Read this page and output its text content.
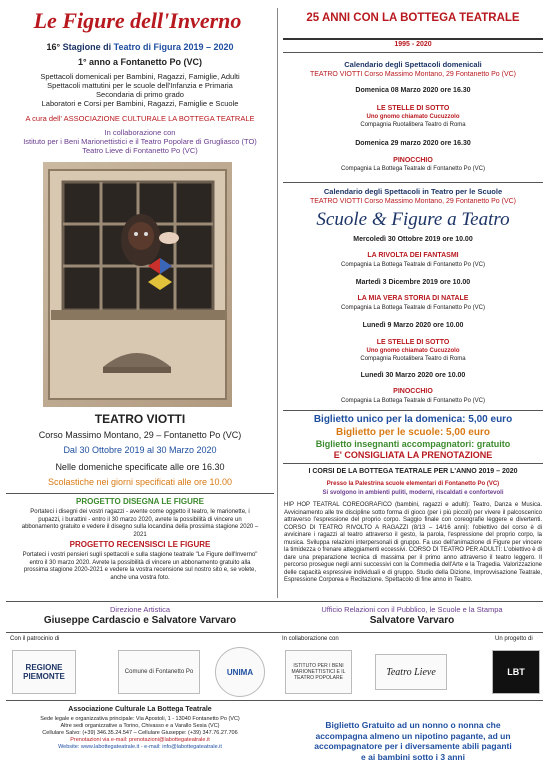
Le Figure dell'Inverno
16° Stagione di Teatro di Figura 2019 – 2020
1° anno a Fontanetto Po (VC)
Spettacoli domenicali per Bambini, Ragazzi, Famiglie, Adulti
Spettacoli mattutini per le scuole dell'Infanzia e Primaria
Secondaria di primo grado
Laboratori e Corsi per Bambini, Ragazzi, Famiglie e Scuole
A cura dell' ASSOCIAZIONE CULTURALE LA BOTTEGA TEATRALE
In collaborazione con
Istituto per i Beni Marionettistici e il Teatro Popolare di Grugliasco (TO)
Teatro Lieve di Fontanetto Po (VC)
TEATRO VIOTTI
Corso Massimo Montano, 29 – Fontanetto Po (VC)
Dal 30 Ottobre 2019 al 30 Marzo 2020
Nelle domeniche specificate alle ore 16.30
Scolastiche nei giorni specificati alle ore 10.00
PROGETTO DISEGNA LE FIGURE
Portateci i disegni dei vostri ragazzi - avente come oggetto il teatro, le marionette, i pupazzi, i burattini - entro il 30 marzo 2020, avrete la possibilità di vincere un abbonamento gratuito e vedere il disegno sulla locandina della prossima stagione 2020 – 2021
PROGETTO RECENSISCI LE FIGURE
Portateci i vostri pensieri sugli spettacoli e sulla stagione teatrale "Le Figure dell'Inverno" entro il 30 marzo 2020. Avrete la possibilità di vincere un abbonamento gratuito alla prossima stagione 2020-2021 e vedere la vostra recensione sul nostro sito e, se volete, anche una vostra foto.
25 ANNI CON LA BOTTEGA TEATRALE
1995 - 2020
Calendario degli Spettacoli domenicali
TEATRO VIOTTI Corso Massimo Montano, 29 Fontanetto Po (VC)
Domenica 08 Marzo 2020 ore 16.30
LE STELLE DI SOTTO
Uno gnomo chiamato Cucuzzolo
Compagnia Ruotalibera Teatro di Roma
Domenica 29 marzo 2020 ore 16.30
PINOCCHIO
Compagnia La Bottega Teatrale di Fontanetto Po (VC)
Calendario degli Spettacoli in Teatro per le Scuole
TEATRO VIOTTI Corso Massimo Montano, 29 Fontanetto Po (VC)
Scuole & Figure a Teatro
Mercoledì 30 Ottobre 2019 ore 10.00
LA RIVOLTA DEI FANTASMI
Compagnia La Bottega Teatrale di Fontanetto Po (VC)
Martedì 3 Dicembre 2019 ore 10.00
LA MIA VERA STORIA DI NATALE
Compagnia La Bottega Teatrale di Fontanetto Po (VC)
Lunedì 9 Marzo 2020 ore 10.00
LE STELLE DI SOTTO
Uno gnomo chiamato Cucuzzolo
Compagnia Ruotalibera Teatro di Roma
Lunedì 30 Marzo 2020 ore 10.00
PINOCCHIO
Compagnia La Bottega Teatrale di Fontanetto Po (VC)
Biglietto unico per la domenica: 5,00 euro
Biglietto per le scuole: 5,00 euro
Biglietto insegnanti accompagnatori: gratuito
E' CONSIGLIATA LA PRENOTAZIONE
I CORSI DE LA BOTTEGA TEATRALE PER L'ANNO 2019 – 2020
Presso la Palestrina scuole elementari di Fontanetto Po (VC)
Si svolgono in ambienti puliti, moderni, riscaldati e confortevoli
HIP HOP TEATRAL COREOGRAFICO (bambini, ragazzi e adulti): Teatro, Danza e Musica. Avvicinamento alle tre discipline sotto forma di gioco (per i più piccoli) per vivere il palcoscenico attraverso l'espressione del proprio corpo. Saggio finale con coreografie leggere e divertenti. CORSO DI TEATRO RIVOLTO A RAGAZZI (8/13 – 14/16 anni): l'obiettivo del corso è di avvicinare i ragazzi al teatro attraverso il gesto, la parola, l'espressione del proprio corpo, la musica. Sviluppa relazioni interpersonali di gruppo. Fa uso dell'animazione di Figure per vincere la timidezza o frenare atteggiamenti eccessivi. CORSO DI TEATRO PER ADULTI: L'obiettivo è di dare una preparazione tecnica di massima per il primo anno attraverso il teatro leggero. Il percorso prosegue negli anni successivi con la Commedia dell'Arte e la Tragedia. Valorizzazione delle capacità espressive individuali e di gruppo. Studio della Dizione, Improvvisazione Teatrale, Espressione Corporea e Recitazione. Spettacolo di fine anno in Teatro.
Direzione Artistica
Giuseppe Cardascio e Salvatore Varvaro
Ufficio Relazioni con il Pubblico, le Scuole e la Stampa
Salvatore Varvaro
Con il patrocinio di	In collaborazione con	Un progetto di
REGIONE PIEMONTE	Comune di Fontanetto Po	UNIMA
ISTITUTO PER I BENI MARIONETTISTICI E IL TEATRO POPOLARE
Teatro Lieve	LBT
Associazione Culturale La Bottega Teatrale
Sede legale e organizzativa principale: Via Apostoli, 1 - 13040 Fontanetto Po (VC)
Altre sedi organizzative a Torino, Chivasso e a Varallo Sesia (VC)
Cellulare Salvo: (+39) 346.35.24.547 – Cellulare Giuseppe: (+39) 347.76.27.706
Prenotazioni via e-mail: prenotazioni@labottegateatrale.it
Website: www.labottegateatrale.it - e-mail: info@labottegateatrale.it
Biglietto Gratuito ad un nonno o nonna che
accompagna almeno un nipotino pagante, ad un
accompagnatore per i diversamente abili paganti
e ai bambini sotto i 3 anni
